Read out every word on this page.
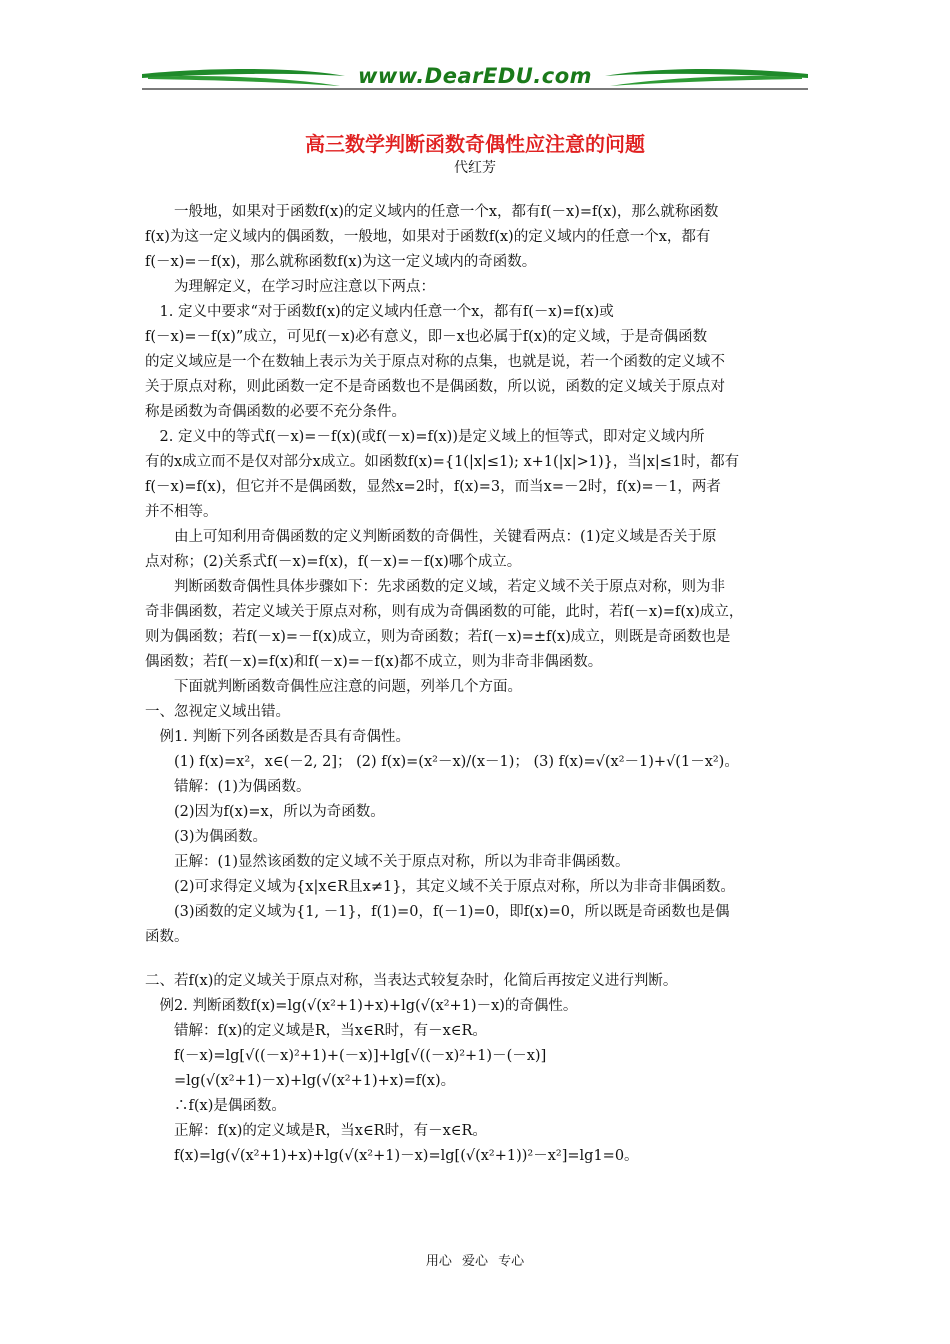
www.DearEDU.com
高三数学判断函数奇偶性应注意的问题
代红芳
　　一般地，如果对于函数f(x)的定义域内的任意一个x，都有f(－x)=f(x)，那么就称函数
f(x)为这一定义域内的偶函数，一般地，如果对于函数f(x)的定义域内的任意一个x，都有
f(－x)=－f(x)，那么就称函数f(x)为这一定义域内的奇函数。
　　为理解定义，在学习时应注意以下两点：
　1. 定义中要求“对于函数f(x)的定义域内任意一个x，都有f(－x)=f(x)或
f(－x)=－f(x)”成立，可见f(－x)必有意义，即－x也必属于f(x)的定义域，于是奇偶函数
的定义域应是一个在数轴上表示为关于原点对称的点集，也就是说，若一个函数的定义域不
关于原点对称，则此函数一定不是奇函数也不是偶函数，所以说，函数的定义域关于原点对
称是函数为奇偶函数的必要不充分条件。
　2. 定义中的等式f(－x)=－f(x)(或f(－x)=f(x))是定义域上的恒等式，即对定义域内所
有的x成立而不是仅对部分x成立。如函数f(x)={1(|x|≤1); x+1(|x|>1)}，当|x|≤1时，都有
f(－x)=f(x)，但它并不是偶函数，显然x=2时，f(x)=3，而当x=－2时，f(x)=－1，两者
并不相等。
　　由上可知利用奇偶函数的定义判断函数的奇偶性，关键看两点：(1)定义域是否关于原
点对称；(2)关系式f(－x)=f(x)，f(－x)=－f(x)哪个成立。
　　判断函数奇偶性具体步骤如下：先求函数的定义域，若定义域不关于原点对称，则为非
奇非偶函数，若定义域关于原点对称，则有成为奇偶函数的可能，此时，若f(－x)=f(x)成立，
则为偶函数；若f(－x)=－f(x)成立，则为奇函数；若f(－x)=±f(x)成立，则既是奇函数也是
偶函数；若f(－x)=f(x)和f(－x)=－f(x)都不成立，则为非奇非偶函数。
　　下面就判断函数奇偶性应注意的问题，列举几个方面。
一、忽视定义域出错。
　例1. 判断下列各函数是否具有奇偶性。
　　(1) f(x)=x²，x∈(－2, 2]； (2) f(x)=(x²－x)/(x－1)； (3) f(x)=√(x²－1)+√(1－x²)。
　　错解：(1)为偶函数。
　　(2)因为f(x)=x，所以为奇函数。
　　(3)为偶函数。
　　正解：(1)显然该函数的定义域不关于原点对称，所以为非奇非偶函数。
　　(2)可求得定义域为{x|x∈R且x≠1}，其定义域不关于原点对称，所以为非奇非偶函数。
　　(3)函数的定义域为{1, －1}，f(1)=0，f(－1)=0，即f(x)=0，所以既是奇函数也是偶
函数。
二、若f(x)的定义域关于原点对称，当表达式较复杂时，化简后再按定义进行判断。
　例2. 判断函数f(x)=lg(√(x²+1)+x)+lg(√(x²+1)－x)的奇偶性。
　　错解：f(x)的定义域是R，当x∈R时，有－x∈R。
　　f(－x)=lg[√((－x)²+1)+(－x)]+lg[√((－x)²+1)－(－x)]
　　=lg(√(x²+1)－x)+lg(√(x²+1)+x)=f(x)。
　　∴f(x)是偶函数。
　　正解：f(x)的定义域是R，当x∈R时，有－x∈R。
　　f(x)=lg(√(x²+1)+x)+lg(√(x²+1)－x)=lg[(√(x²+1))²－x²]=lg1=0。
用心 爱心 专心
